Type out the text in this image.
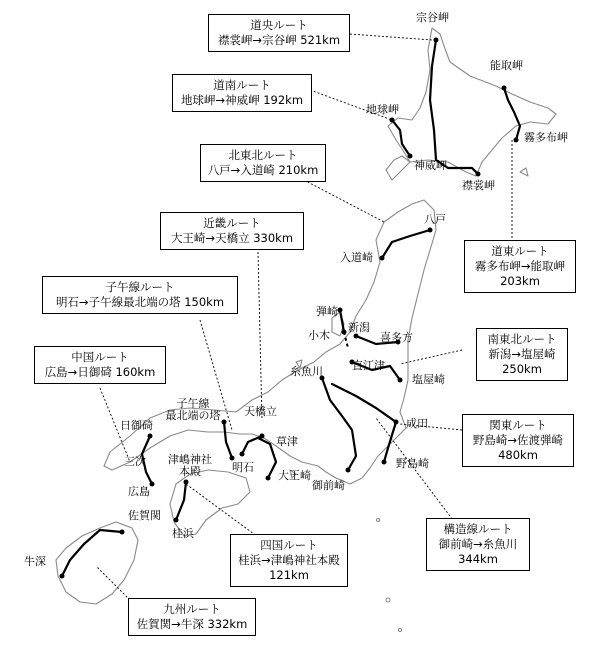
道央ルート
襟裳岬→宗谷岬 521km
道南ルート
地球岬→神威岬 192km
北東北ルート
八戸→入道崎 210km
近畿ルート
大王崎→天橋立 330km
子午線ルート
明石→子午線最北端の塔 150km
中国ルート
広島→日御碕 160km
道東ルート
霧多布岬→能取岬
203km
南東北ルート
新潟→塩屋崎
250km
関東ルート
野島崎→佐渡弾崎
480km
構造線ルート
御前崎→糸魚川
344km
四国ルート
桂浜→津嶋神社本殿
121km
九州ルート
佐賀関→牛深 332km
宗谷岬
能取岬
地球岬
霧多布岬
神威岬
襟裳岬
八戸
入道崎
弾崎
小木
新潟
喜多方
糸魚川	直江津
塩屋崎
成田
野島崎
日御碕
子午線
最北端の塔	天橋立
三次	津嶋神社
本殿	明石
草津
広島
佐賀関
大王崎
御前崎
桂浜
牛深
